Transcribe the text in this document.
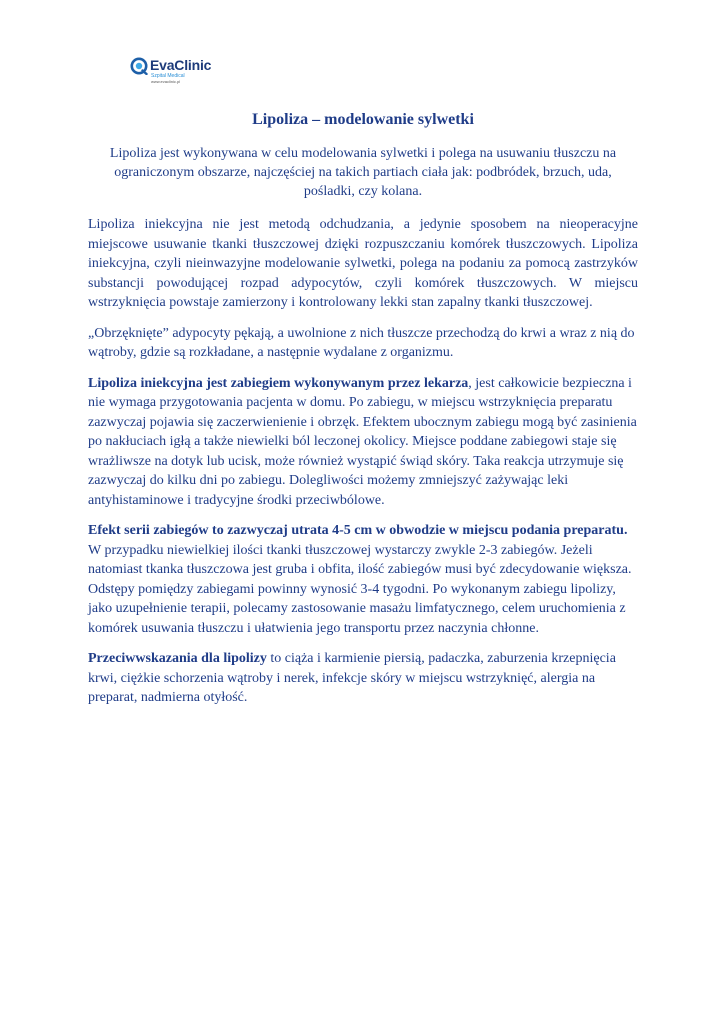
EvaClinic
Szpital Medical
www.evaclinic.pl
Lipoliza – modelowanie sylwetki

Lipoliza jest wykonywana w celu modelowania sylwetki i polega na usuwaniu tłuszczu na ograniczonym obszarze, najczęściej na takich partiach ciała jak: podbródek, brzuch, uda, pośladki, czy kolana.

Lipoliza iniekcyjna nie jest metodą odchudzania, a jedynie sposobem na nieoperacyjne miejscowe usuwanie tkanki tłuszczowej dzięki rozpuszczaniu komórek tłuszczowych. Lipoliza iniekcyjna, czyli nieinwazyjne modelowanie sylwetki, polega na podaniu za pomocą zastrzyków substancji powodującej rozpad adypocytów, czyli komórek tłuszczowych. W miejscu wstrzyknięcia powstaje zamierzony i kontrolowany lekki stan zapalny tkanki tłuszczowej.

„Obrzęknięte” adypocyty pękają, a uwolnione z nich tłuszcze przechodzą do krwi a wraz z nią do wątroby, gdzie są rozkładane, a następnie wydalane z organizmu.

Lipoliza iniekcyjna jest zabiegiem wykonywanym przez lekarza, jest całkowicie bezpieczna i nie wymaga przygotowania pacjenta w domu. Po zabiegu, w miejscu wstrzyknięcia preparatu zazwyczaj pojawia się zaczerwienienie i obrzęk. Efektem ubocznym zabiegu mogą być zasinienia po nakłuciach igłą a także niewielki ból leczonej okolicy. Miejsce poddane zabiegowi staje się wrażliwsze na dotyk lub ucisk, może również wystąpić świąd skóry. Taka reakcja utrzymuje się zazwyczaj do kilku dni po zabiegu. Dolegliwości możemy zmniejszyć zażywając leki antyhistaminowe i tradycyjne środki przeciwbólowe.

Efekt serii zabiegów to zazwyczaj utrata 4-5 cm w obwodzie w miejscu podania preparatu. W przypadku niewielkiej ilości tkanki tłuszczowej wystarczy zwykle 2-3 zabiegów. Jeżeli natomiast tkanka tłuszczowa jest gruba i obfita, ilość zabiegów musi być zdecydowanie większa. Odstępy pomiędzy zabiegami powinny wynosić 3-4 tygodni. Po wykonanym zabiegu lipolizy, jako uzupełnienie terapii, polecamy zastosowanie masażu limfatycznego, celem uruchomienia z komórek usuwania tłuszczu i ułatwienia jego transportu przez naczynia chłonne.

Przeciwwskazania dla lipolizy to ciąża i karmienie piersią, padaczka, zaburzenia krzepnięcia krwi, ciężkie schorzenia wątroby i nerek, infekcje skóry w miejscu wstrzyknięć, alergia na preparat, nadmierna otyłość.
